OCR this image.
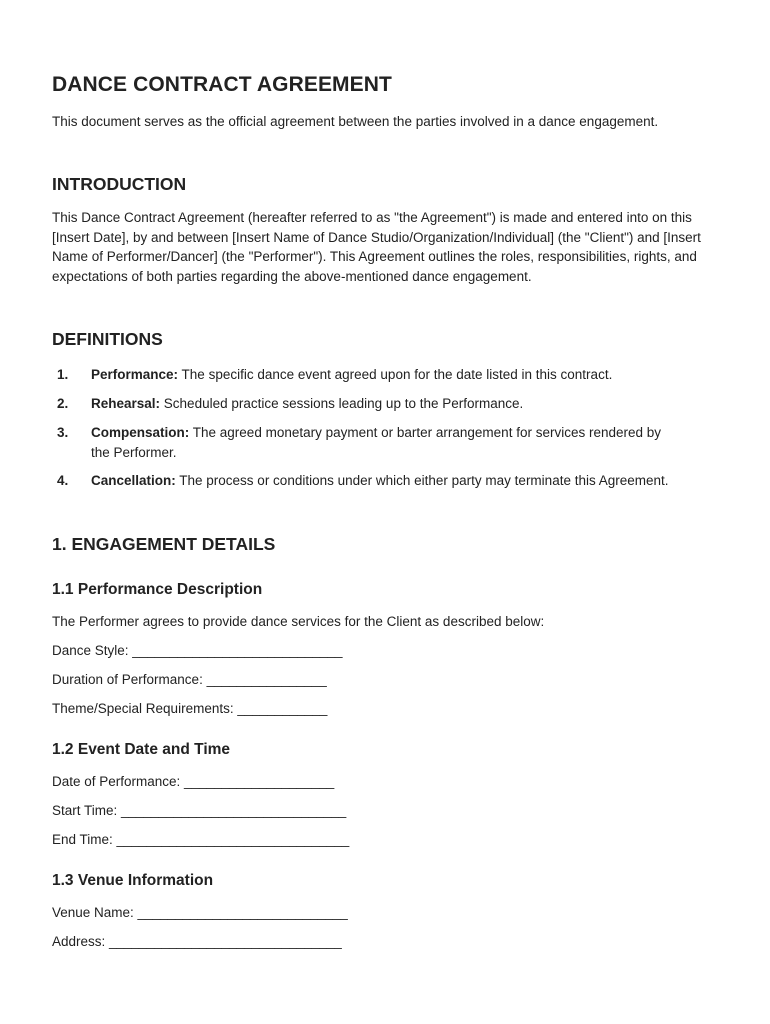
DANCE CONTRACT AGREEMENT
This document serves as the official agreement between the parties involved in a dance engagement.
INTRODUCTION
This Dance Contract Agreement (hereafter referred to as "the Agreement") is made and entered into on this [Insert Date], by and between [Insert Name of Dance Studio/Organization/Individual] (the "Client") and [Insert Name of Performer/Dancer] (the "Performer"). This Agreement outlines the roles, responsibilities, rights, and expectations of both parties regarding the above-mentioned dance engagement.
DEFINITIONS
1. Performance: The specific dance event agreed upon for the date listed in this contract.
2. Rehearsal: Scheduled practice sessions leading up to the Performance.
3. Compensation: The agreed monetary payment or barter arrangement for services rendered by the Performer.
4. Cancellation: The process or conditions under which either party may terminate this Agreement.
1. ENGAGEMENT DETAILS
1.1 Performance Description
The Performer agrees to provide dance services for the Client as described below:
Dance Style: ____________________________
Duration of Performance: ________________
Theme/Special Requirements: ____________
1.2 Event Date and Time
Date of Performance: ____________________
Start Time: ______________________________
End Time: _______________________________
1.3 Venue Information
Venue Name: ____________________________
Address: _______________________________
